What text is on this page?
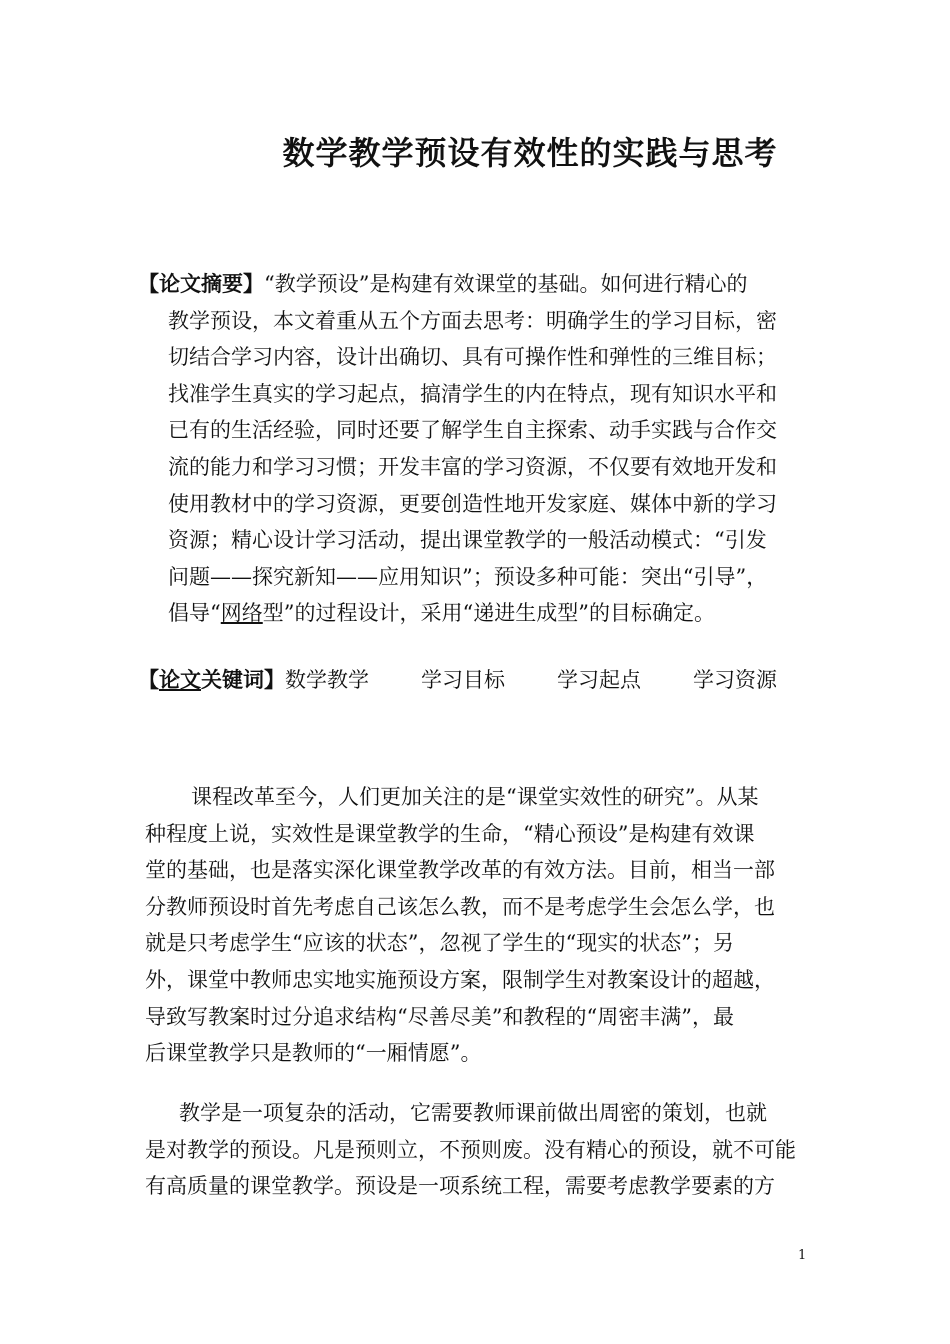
数学教学预设有效性的实践与思考
【论文摘要】“教学预设”是构建有效课堂的基础。如何进行精心的
教学预设，本文着重从五个方面去思考：明确学生的学习目标，密
切结合学习内容，设计出确切、具有可操作性和弹性的三维目标；
找准学生真实的学习起点，搞清学生的内在特点，现有知识水平和
已有的生活经验，同时还要了解学生自主探索、动手实践与合作交
流的能力和学习习惯；开发丰富的学习资源，不仅要有效地开发和
使用教材中的学习资源，更要创造性地开发家庭、媒体中新的学习
资源；精心设计学习活动，提出课堂教学的一般活动模式：“引发
问题——探究新知——应用知识”；预设多种可能：突出“引导”，
倡导“网络型”的过程设计，采用“递进生成型”的目标确定。
【论文关键词】数学教学 学习目标 学习起点 学习资源
课程改革至今，人们更加关注的是“课堂实效性的研究”。从某
种程度上说，实效性是课堂教学的生命，“精心预设”是构建有效课
堂的基础，也是落实深化课堂教学改革的有效方法。目前，相当一部
分教师预设时首先考虑自己该怎么教，而不是考虑学生会怎么学，也
就是只考虑学生“应该的状态”，忽视了学生的“现实的状态”；另
外，课堂中教师忠实地实施预设方案，限制学生对教案设计的超越，
导致写教案时过分追求结构“尽善尽美”和教程的“周密丰满”，最
后课堂教学只是教师的“一厢情愿”。
教学是一项复杂的活动，它需要教师课前做出周密的策划，也就
是对教学的预设。凡是预则立，不预则废。没有精心的预设，就不可能
有高质量的课堂教学。预设是一项系统工程，需要考虑教学要素的方
1
